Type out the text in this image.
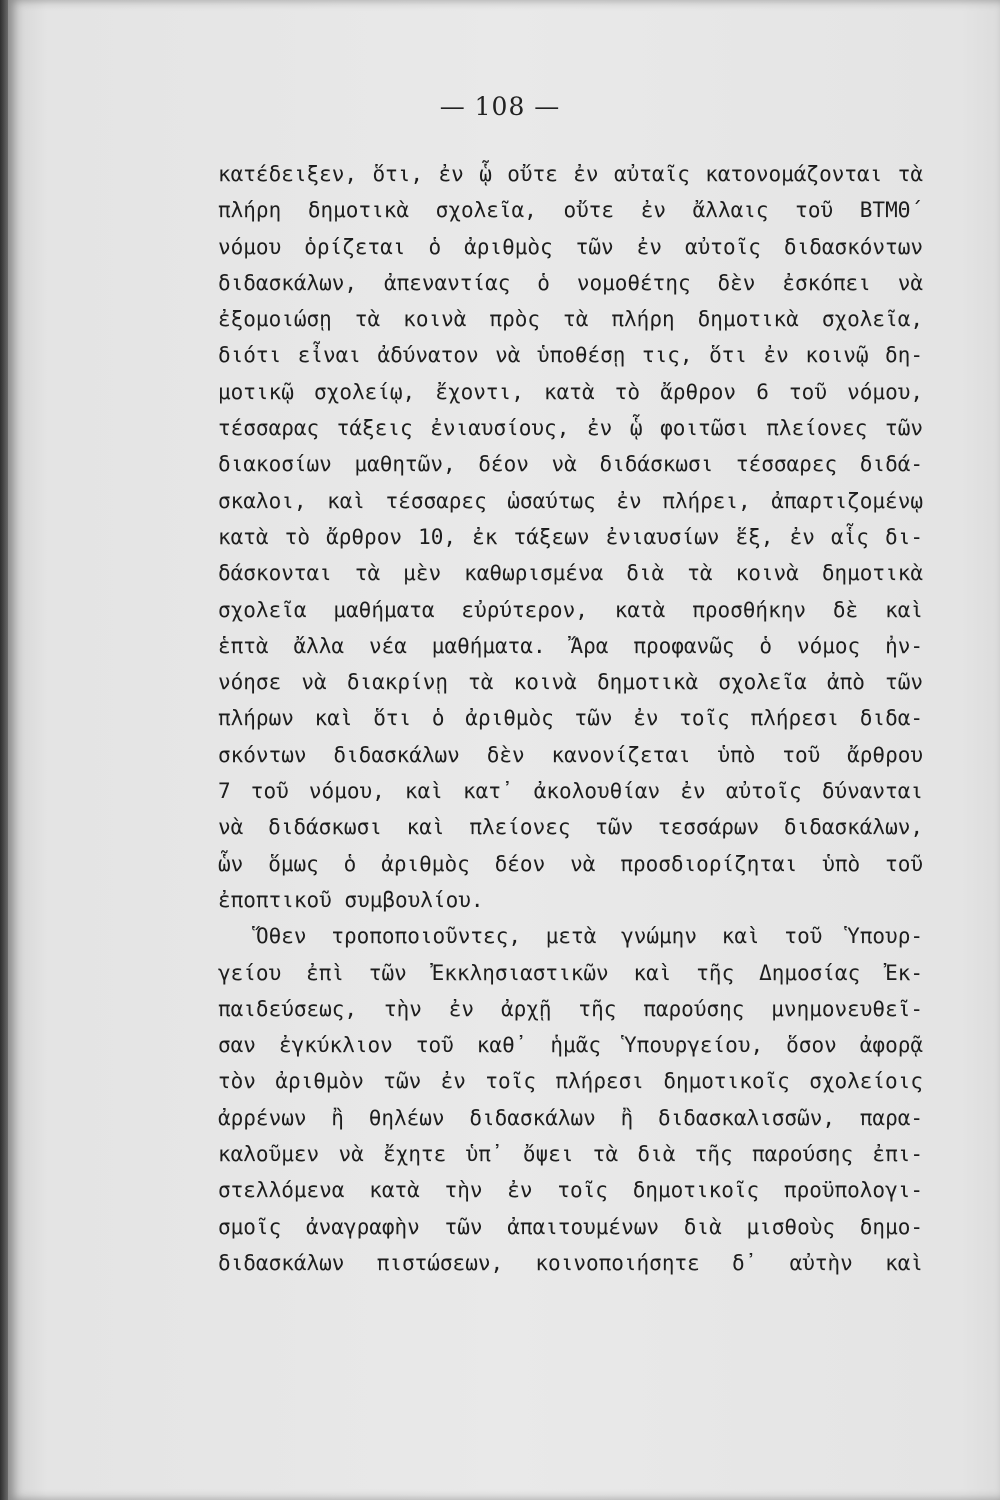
— 108 —
κατέδειξεν, ὅτι, ἐν ᾧ οὔτε ἐν αὐταῖς κατονομάζονται τὰ
πλήρη δημοτικὰ σχολεῖα, οὔτε ἐν ἄλλαις τοῦ ΒΤΜΘ΄
νόμου ὁρίζεται ὁ ἀριθμὸς τῶν ἐν αὐτοῖς διδασκόντων
διδασκάλων, ἀπεναντίας ὁ νομοθέτης δὲν ἐσκόπει νὰ
ἐξομοιώσῃ τὰ κοινὰ πρὸς τὰ πλήρη δημοτικὰ σχολεῖα,
διότι εἶναι ἀδύνατον νὰ ὑποθέσῃ τις, ὅτι ἐν κοινῷ δη-
μοτικῷ σχολείῳ, ἔχοντι, κατὰ τὸ ἄρθρον 6 τοῦ νόμου,
τέσσαρας τάξεις ἐνιαυσίους, ἐν ᾧ φοιτῶσι πλείονες τῶν
διακοσίων μαθητῶν, δέον νὰ διδάσκωσι τέσσαρες διδά-
σκαλοι, καὶ τέσσαρες ὡσαύτως ἐν πλήρει, ἀπαρτιζομένῳ
κατὰ τὸ ἄρθρον 10, ἐκ τάξεων ἐνιαυσίων ἕξ, ἐν αἷς δι-
δάσκονται τὰ μὲν καθωρισμένα διὰ τὰ κοινὰ δημοτικὰ
σχολεῖα μαθήματα εὐρύτερον, κατὰ προσθήκην δὲ καὶ
ἑπτὰ ἄλλα νέα μαθήματα. Ἄρα προφανῶς ὁ νόμος ἠν-
νόησε νὰ διακρίνῃ τὰ κοινὰ δημοτικὰ σχολεῖα ἀπὸ τῶν
πλήρων καὶ ὅτι ὁ ἀριθμὸς τῶν ἐν τοῖς πλήρεσι διδα-
σκόντων διδασκάλων δὲν κανονίζεται ὑπὸ τοῦ ἄρθρου
7 τοῦ νόμου, καὶ κατ᾽ ἀκολουθίαν ἐν αὐτοῖς δύνανται
νὰ διδάσκωσι καὶ πλείονες τῶν τεσσάρων διδασκάλων,
ὧν ὅμως ὁ ἀριθμὸς δέον νὰ προσδιορίζηται ὑπὸ τοῦ
ἐποπτικοῦ συμβουλίου.
Ὅθεν τροποποιοῦντες, μετὰ γνώμην καὶ τοῦ Ὑπουρ-
γείου ἐπὶ τῶν Ἐκκλησιαστικῶν καὶ τῆς Δημοσίας Ἐκ-
παιδεύσεως, τὴν ἐν ἀρχῇ τῆς παρούσης μνημονευθεῖ-
σαν ἐγκύκλιον τοῦ καθ᾽ ἡμᾶς Ὑπουργείου, ὅσον ἀφορᾷ
τὸν ἀριθμὸν τῶν ἐν τοῖς πλήρεσι δημοτικοῖς σχολείοις
ἀρρένων ἢ θηλέων διδασκάλων ἢ διδασκαλισσῶν, παρα-
καλοῦμεν νὰ ἔχητε ὑπ᾽ ὄψει τὰ διὰ τῆς παρούσης ἐπι-
στελλόμενα κατὰ τὴν ἐν τοῖς δημοτικοῖς προϋπολογι-
σμοῖς ἀναγραφὴν τῶν ἀπαιτουμένων διὰ μισθοὺς δημο-
διδασκάλων πιστώσεων, κοινοποιήσητε δ᾽ αὐτὴν καὶ
